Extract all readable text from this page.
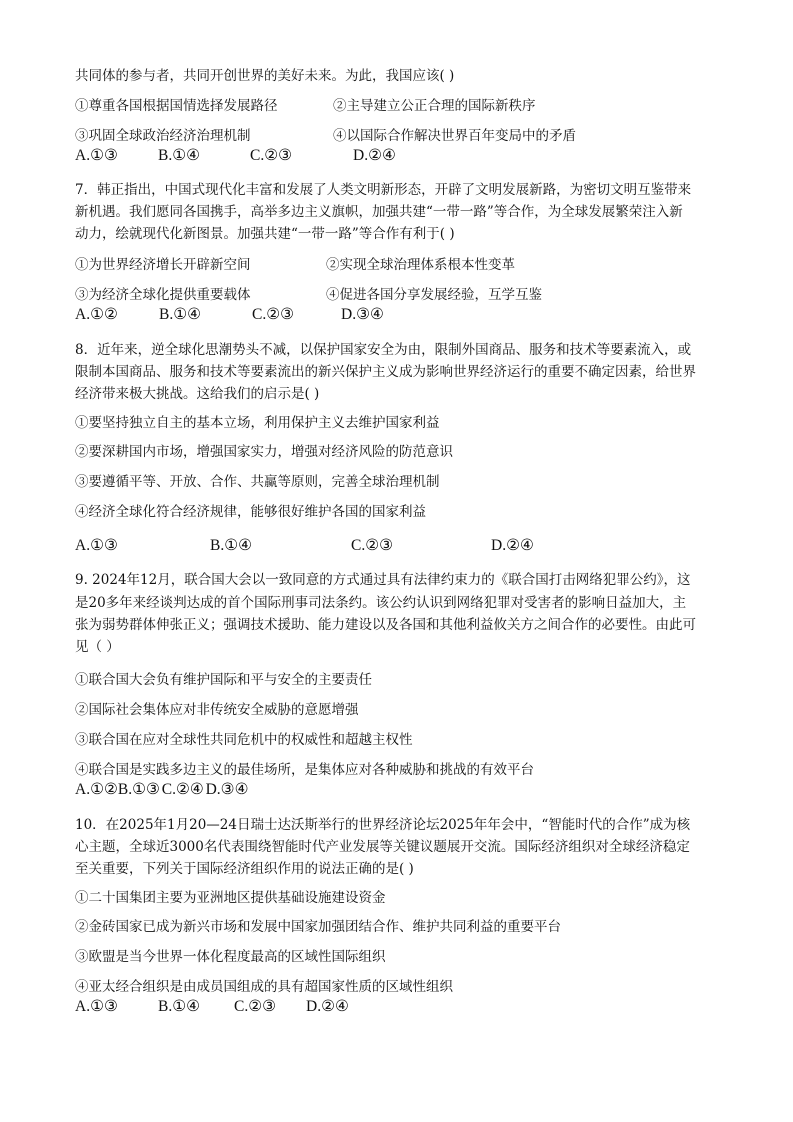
共同体的参与者，共同开创世界的美好未来。为此，我国应该( )
①尊重各国根据国情选择发展路径	②主导建立公正合理的国际新秩序
③巩固全球政治经济治理机制	④以国际合作解决世界百年变局中的矛盾
A.①③	B.①④	C.②③	D.②④
7．韩正指出，中国式现代化丰富和发展了人类文明新形态，开辟了文明发展新路，为密切文明互鉴带来
新机遇。我们愿同各国携手，高举多边主义旗帜，加强共建“一带一路”等合作，为全球发展繁荣注入新
动力，绘就现代化新图景。加强共建“一带一路”等合作有利于( )
①为世界经济增长开辟新空间	②实现全球治理体系根本性变革
③为经济全球化提供重要载体	④促进各国分享发展经验，互学互鉴
A.①②	B.①④	C.②③	D.③④
8．近年来，逆全球化思潮势头不减，以保护国家安全为由，限制外国商品、服务和技术等要素流入，或
限制本国商品、服务和技术等要素流出的新兴保护主义成为影响世界经济运行的重要不确定因素，给世界
经济带来极大挑战。这给我们的启示是( )
①要坚持独立自主的基本立场，利用保护主义去维护国家利益
②要深耕国内市场，增强国家实力，增强对经济风险的防范意识
③要遵循平等、开放、合作、共赢等原则，完善全球治理机制
④经济全球化符合经济规律，能够很好维护各国的国家利益
A.①③	B.①④	C.②③	D.②④
9. 2024年12月，联合国大会以一致同意的方式通过具有法律约束力的《联合国打击网络犯罪公约》，这
是20多年来经谈判达成的首个国际刑事司法条约。该公约认识到网络犯罪对受害者的影响日益加大，主
张为弱势群体伸张正义；强调技术援助、能力建设以及各国和其他利益攸关方之间合作的必要性。由此可
见（ ）
①联合国大会负有维护国际和平与安全的主要责任
②国际社会集体应对非传统安全威胁的意愿增强
③联合国在应对全球性共同危机中的权威性和超越主权性
④联合国是实践多边主义的最佳场所，是集体应对各种威胁和挑战的有效平台
A.①②B.①③ C.②④ D.③④
10．在2025年1月20—24日瑞士达沃斯举行的世界经济论坛2025年年会中，“智能时代的合作”成为核
心主题，全球近3000名代表围绕智能时代产业发展等关键议题展开交流。国际经济组织对全球经济稳定
至关重要，下列关于国际经济组织作用的说法正确的是( )
①二十国集团主要为亚洲地区提供基础设施建设资金
②金砖国家已成为新兴市场和发展中国家加强团结合作、维护共同利益的重要平台
③欧盟是当今世界一体化程度最高的区域性国际组织
④亚太经合组织是由成员国组成的具有超国家性质的区域性组织
A.①③	B.①④ C.②③ D.②④
